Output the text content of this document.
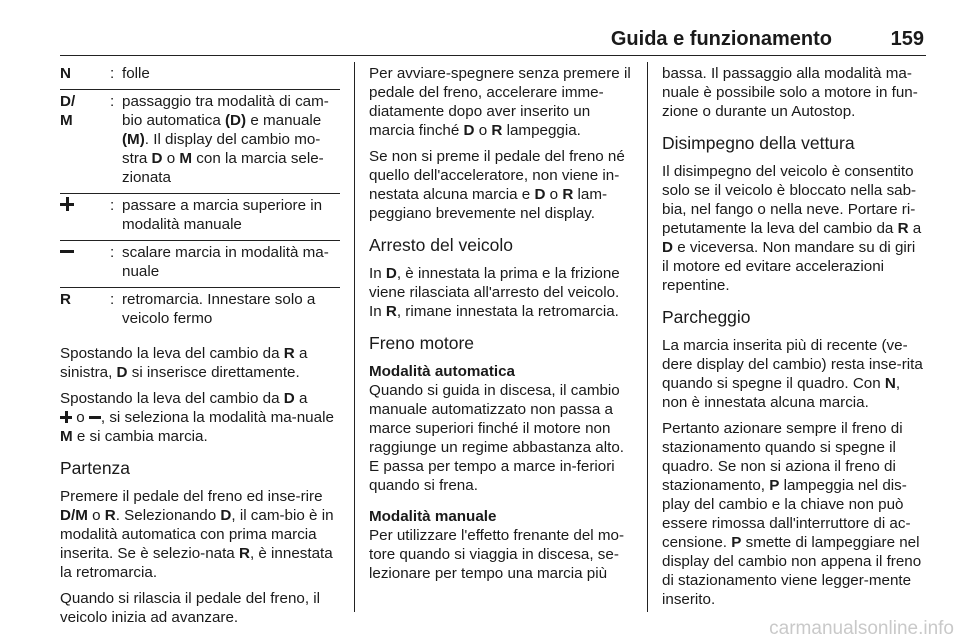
Guida e funzionamento	159
N	:	folle
D/
M	:	passaggio tra modalità di cam-bio automatica (D) e manuale (M). Il display del cambio mo-stra D o M con la marcia sele-zionata
	:	passare a marcia superiore in modalità manuale
	:	scalare marcia in modalità ma-nuale
R	:	retromarcia. Innestare solo a veicolo fermo

Spostando la leva del cambio da R a sinistra, D si inserisce direttamente.

Spostando la leva del cambio da D a
o , si seleziona la modalità ma-nuale M e si cambia marcia.

Partenza

Premere il pedale del freno ed inse-rire D/M o R. Selezionando D, il cam-bio è in modalità automatica con prima marcia inserita. Se è selezio-nata R, è innestata la retromarcia.

Quando si rilascia il pedale del freno, il veicolo inizia ad avanzare.

Per avviare-spegnere senza premere il pedale del freno, accelerare imme-diatamente dopo aver inserito un marcia finché D o R lampeggia.

Se non si preme il pedale del freno né quello dell'acceleratore, non viene in-nestata alcuna marcia e D o R lam-peggiano brevemente nel display.

Arresto del veicolo

In D, è innestata la prima e la frizione viene rilasciata all'arresto del veicolo. In R, rimane innestata la retromarcia.

Freno motore
Modalità automatica

Quando si guida in discesa, il cambio manuale automatizzato non passa a marce superiori finché il motore non raggiunge un regime abbastanza alto. E passa per tempo a marce in-feriori quando si frena.

Modalità manuale

Per utilizzare l'effetto frenante del mo-tore quando si viaggia in discesa, se-lezionare per tempo una marcia più

bassa. Il passaggio alla modalità ma-nuale è possibile solo a motore in fun-zione o durante un Autostop.

Disimpegno della vettura

Il disimpegno del veicolo è consentito solo se il veicolo è bloccato nella sab-bia, nel fango o nella neve. Portare ri-petutamente la leva del cambio da R a D e viceversa. Non mandare su di giri il motore ed evitare accelerazioni repentine.

Parcheggio

La marcia inserita più di recente (ve-dere display del cambio) resta inse-rita quando si spegne il quadro. Con N, non è innestata alcuna marcia.

Pertanto azionare sempre il freno di stazionamento quando si spegne il quadro. Se non si aziona il freno di stazionamento, P lampeggia nel dis-play del cambio e la chiave non può essere rimossa dall'interruttore di ac-censione. P smette di lampeggiare nel display del cambio non appena il freno di stazionamento viene legger-mente inserito.

carmanualsonline.info
